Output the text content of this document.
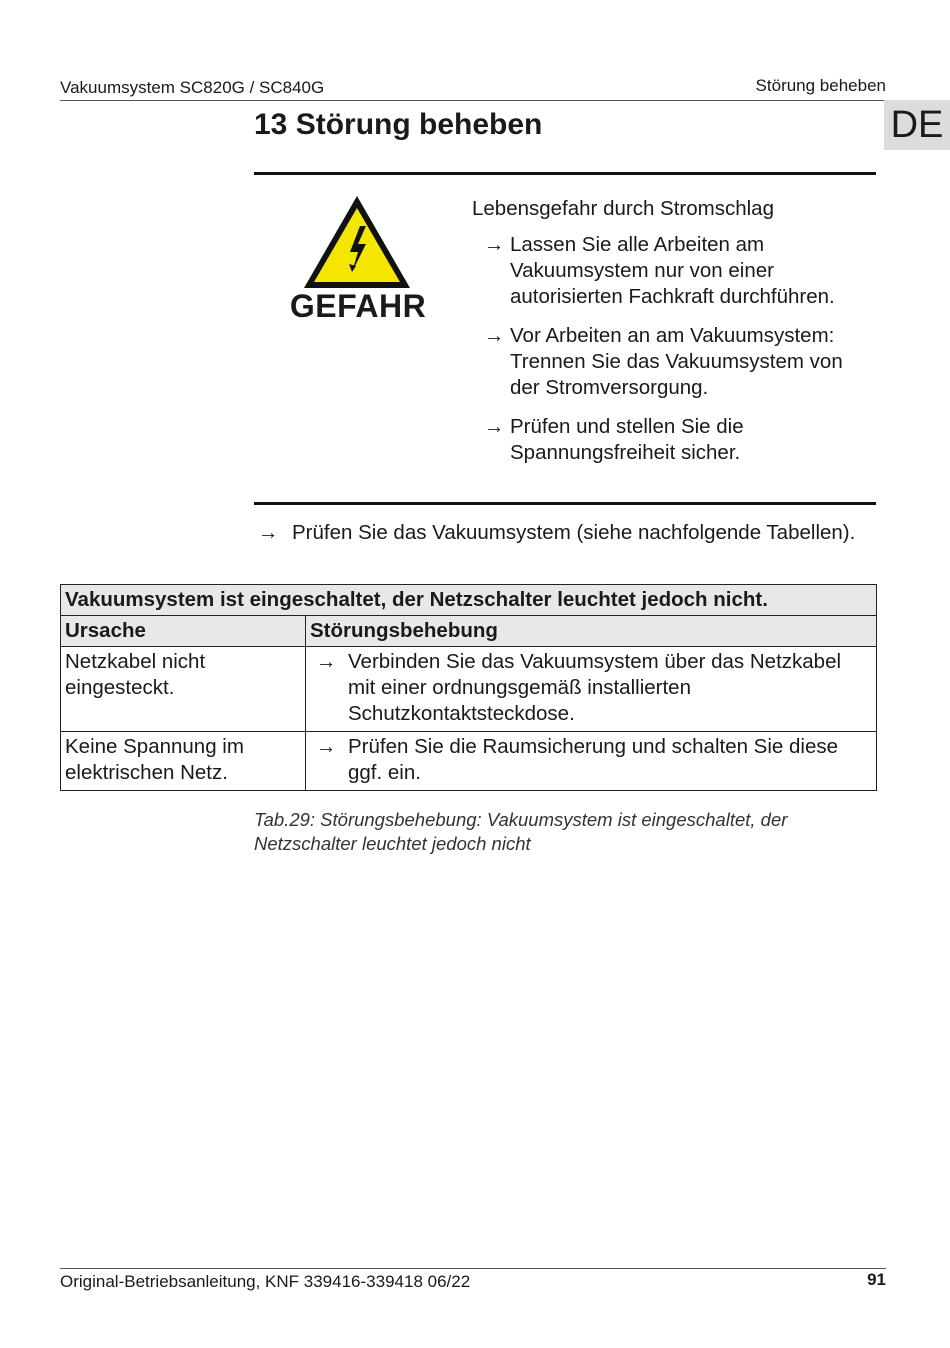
Vakuumsystem SC820G / SC840G	Störung beheben
DE
13 Störung beheben
GEFAHR
Lebensgefahr durch Stromschlag
→ Lassen Sie alle Arbeiten am Vakuumsystem nur von einer autorisierten Fachkraft durchführen.
→ Vor Arbeiten an am Vakuumsystem: Trennen Sie das Vakuumsystem von der Stromversorgung.
→ Prüfen und stellen Sie die Spannungsfreiheit sicher.
→ Prüfen Sie das Vakuumsystem (siehe nachfolgende Tabellen).
Vakuumsystem ist eingeschaltet, der Netzschalter leuchtet jedoch nicht.	
Ursache	Störungsbehebung
Netzkabel nicht eingesteckt.	→ Verbinden Sie das Vakuumsystem über das Netzkabel mit einer ordnungsgemäß installierten Schutzkontaktsteckdose.

Keine Spannung im elektrischen Netz.	→ Prüfen Sie die Raumsicherung und schalten Sie diese ggf. ein.
Tab.29: Störungsbehebung: Vakuumsystem ist eingeschaltet, der Netzschalter leuchtet jedoch nicht
Original-Betriebsanleitung, KNF 339416-339418 06/22	91
